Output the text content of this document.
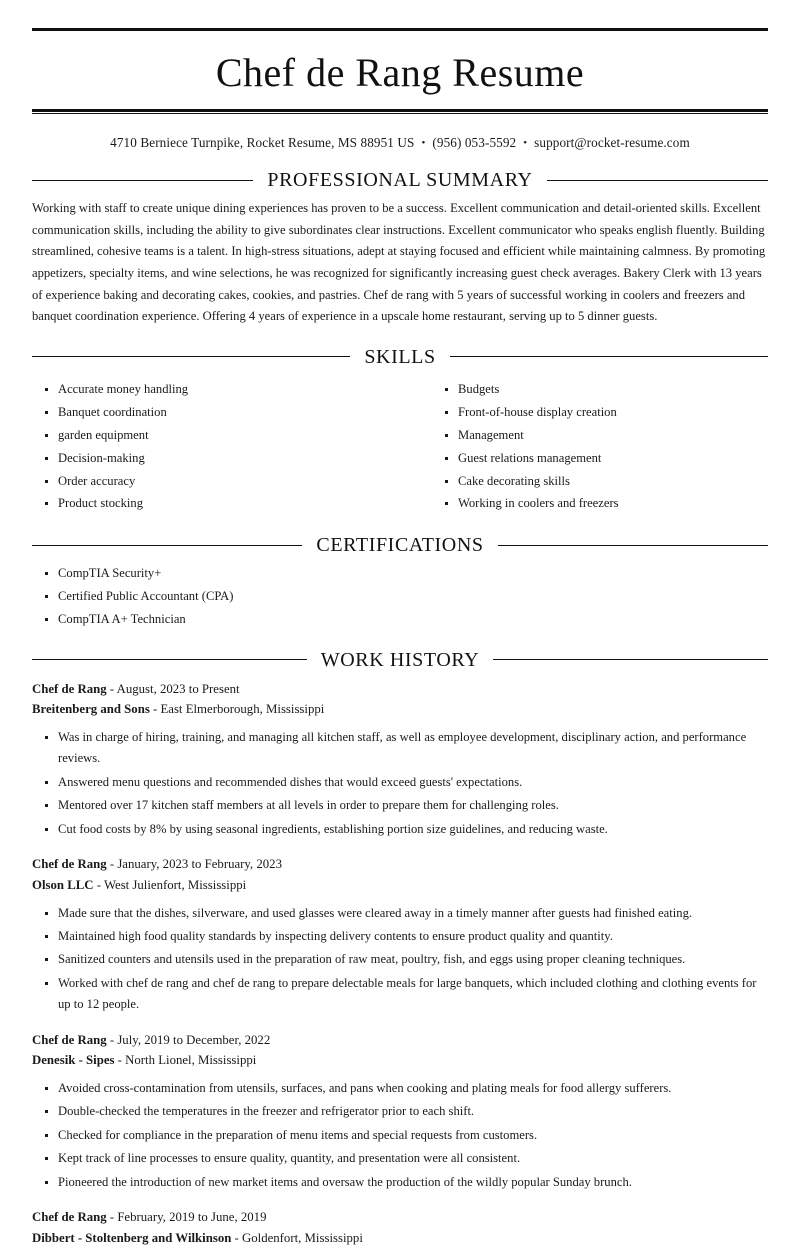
Chef de Rang Resume
4710 Berniece Turnpike, Rocket Resume, MS 88951 US • (956) 053-5592 • support@rocket-resume.com
PROFESSIONAL SUMMARY

Working with staff to create unique dining experiences has proven to be a success. Excellent communication and detail-oriented skills. Excellent communication skills, including the ability to give subordinates clear instructions. Excellent communicator who speaks english fluently. Building streamlined, cohesive teams is a talent. In high-stress situations, adept at staying focused and efficient while maintaining calmness. By promoting appetizers, specialty items, and wine selections, he was recognized for significantly increasing guest check averages. Bakery Clerk with 13 years of experience baking and decorating cakes, cookies, and pastries. Chef de rang with 5 years of successful working in coolers and freezers and banquet coordination experience. Offering 4 years of experience in a upscale home restaurant, serving up to 5 dinner guests.

SKILLS
Accurate money handling
Banquet coordination
garden equipment
Decision-making
Order accuracy
Product stocking
Budgets
Front-of-house display creation
Management
Guest relations management
Cake decorating skills
Working in coolers and freezers
CERTIFICATIONS
CompTIA Security+
Certified Public Accountant (CPA)
CompTIA A+ Technician
WORK HISTORY
Chef de Rang - August, 2023 to Present
Breitenberg and Sons - East Elmerborough, Mississippi
Was in charge of hiring, training, and managing all kitchen staff, as well as employee development, disciplinary action, and performance reviews.
Answered menu questions and recommended dishes that would exceed guests' expectations.
Mentored over 17 kitchen staff members at all levels in order to prepare them for challenging roles.
Cut food costs by 8% by using seasonal ingredients, establishing portion size guidelines, and reducing waste.
Chef de Rang - January, 2023 to February, 2023
Olson LLC - West Julienfort, Mississippi
Made sure that the dishes, silverware, and used glasses were cleared away in a timely manner after guests had finished eating.
Maintained high food quality standards by inspecting delivery contents to ensure product quality and quantity.
Sanitized counters and utensils used in the preparation of raw meat, poultry, fish, and eggs using proper cleaning techniques.
Worked with chef de rang and chef de rang to prepare delectable meals for large banquets, which included clothing and clothing events for up to 12 people.
Chef de Rang - July, 2019 to December, 2022
Denesik - Sipes - North Lionel, Mississippi
Avoided cross-contamination from utensils, surfaces, and pans when cooking and plating meals for food allergy sufferers.
Double-checked the temperatures in the freezer and refrigerator prior to each shift.
Checked for compliance in the preparation of menu items and special requests from customers.
Kept track of line processes to ensure quality, quantity, and presentation were all consistent.
Pioneered the introduction of new market items and oversaw the production of the wildly popular Sunday brunch.
Chef de Rang - February, 2019 to June, 2019
Dibbert - Stoltenberg and Wilkinson - Goldenfort, Mississippi
